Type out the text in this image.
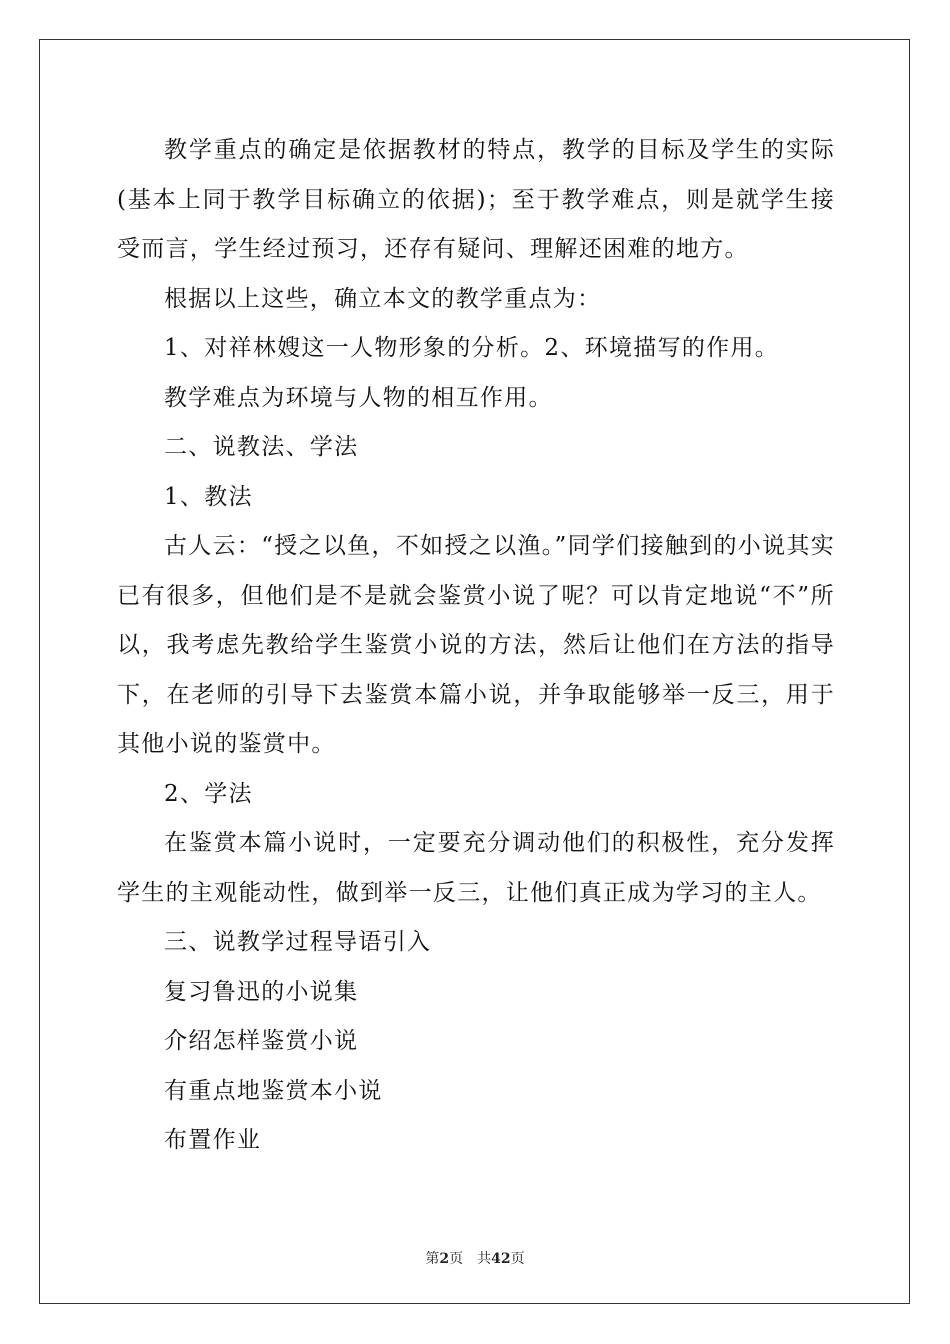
教学重点的确定是依据教材的特点，教学的目标及学生的实际(基本上同于教学目标确立的依据)；至于教学难点，则是就学生接受而言，学生经过预习，还存有疑问、理解还困难的地方。

根据以上这些，确立本文的教学重点为：

1、对祥林嫂这一人物形象的分析。2、环境描写的作用。

教学难点为环境与人物的相互作用。

二、说教法、学法

1、教法

古人云：“授之以鱼，不如授之以渔。”同学们接触到的小说其实已有很多，但他们是不是就会鉴赏小说了呢？可以肯定地说“不”所以，我考虑先教给学生鉴赏小说的方法，然后让他们在方法的指导下，在老师的引导下去鉴赏本篇小说，并争取能够举一反三，用于其他小说的鉴赏中。

2、学法

在鉴赏本篇小说时，一定要充分调动他们的积极性，充分发挥学生的主观能动性，做到举一反三，让他们真正成为学习的主人。

三、说教学过程导语引入

复习鲁迅的小说集

介绍怎样鉴赏小说

有重点地鉴赏本小说

布置作业

第2页 共42页
